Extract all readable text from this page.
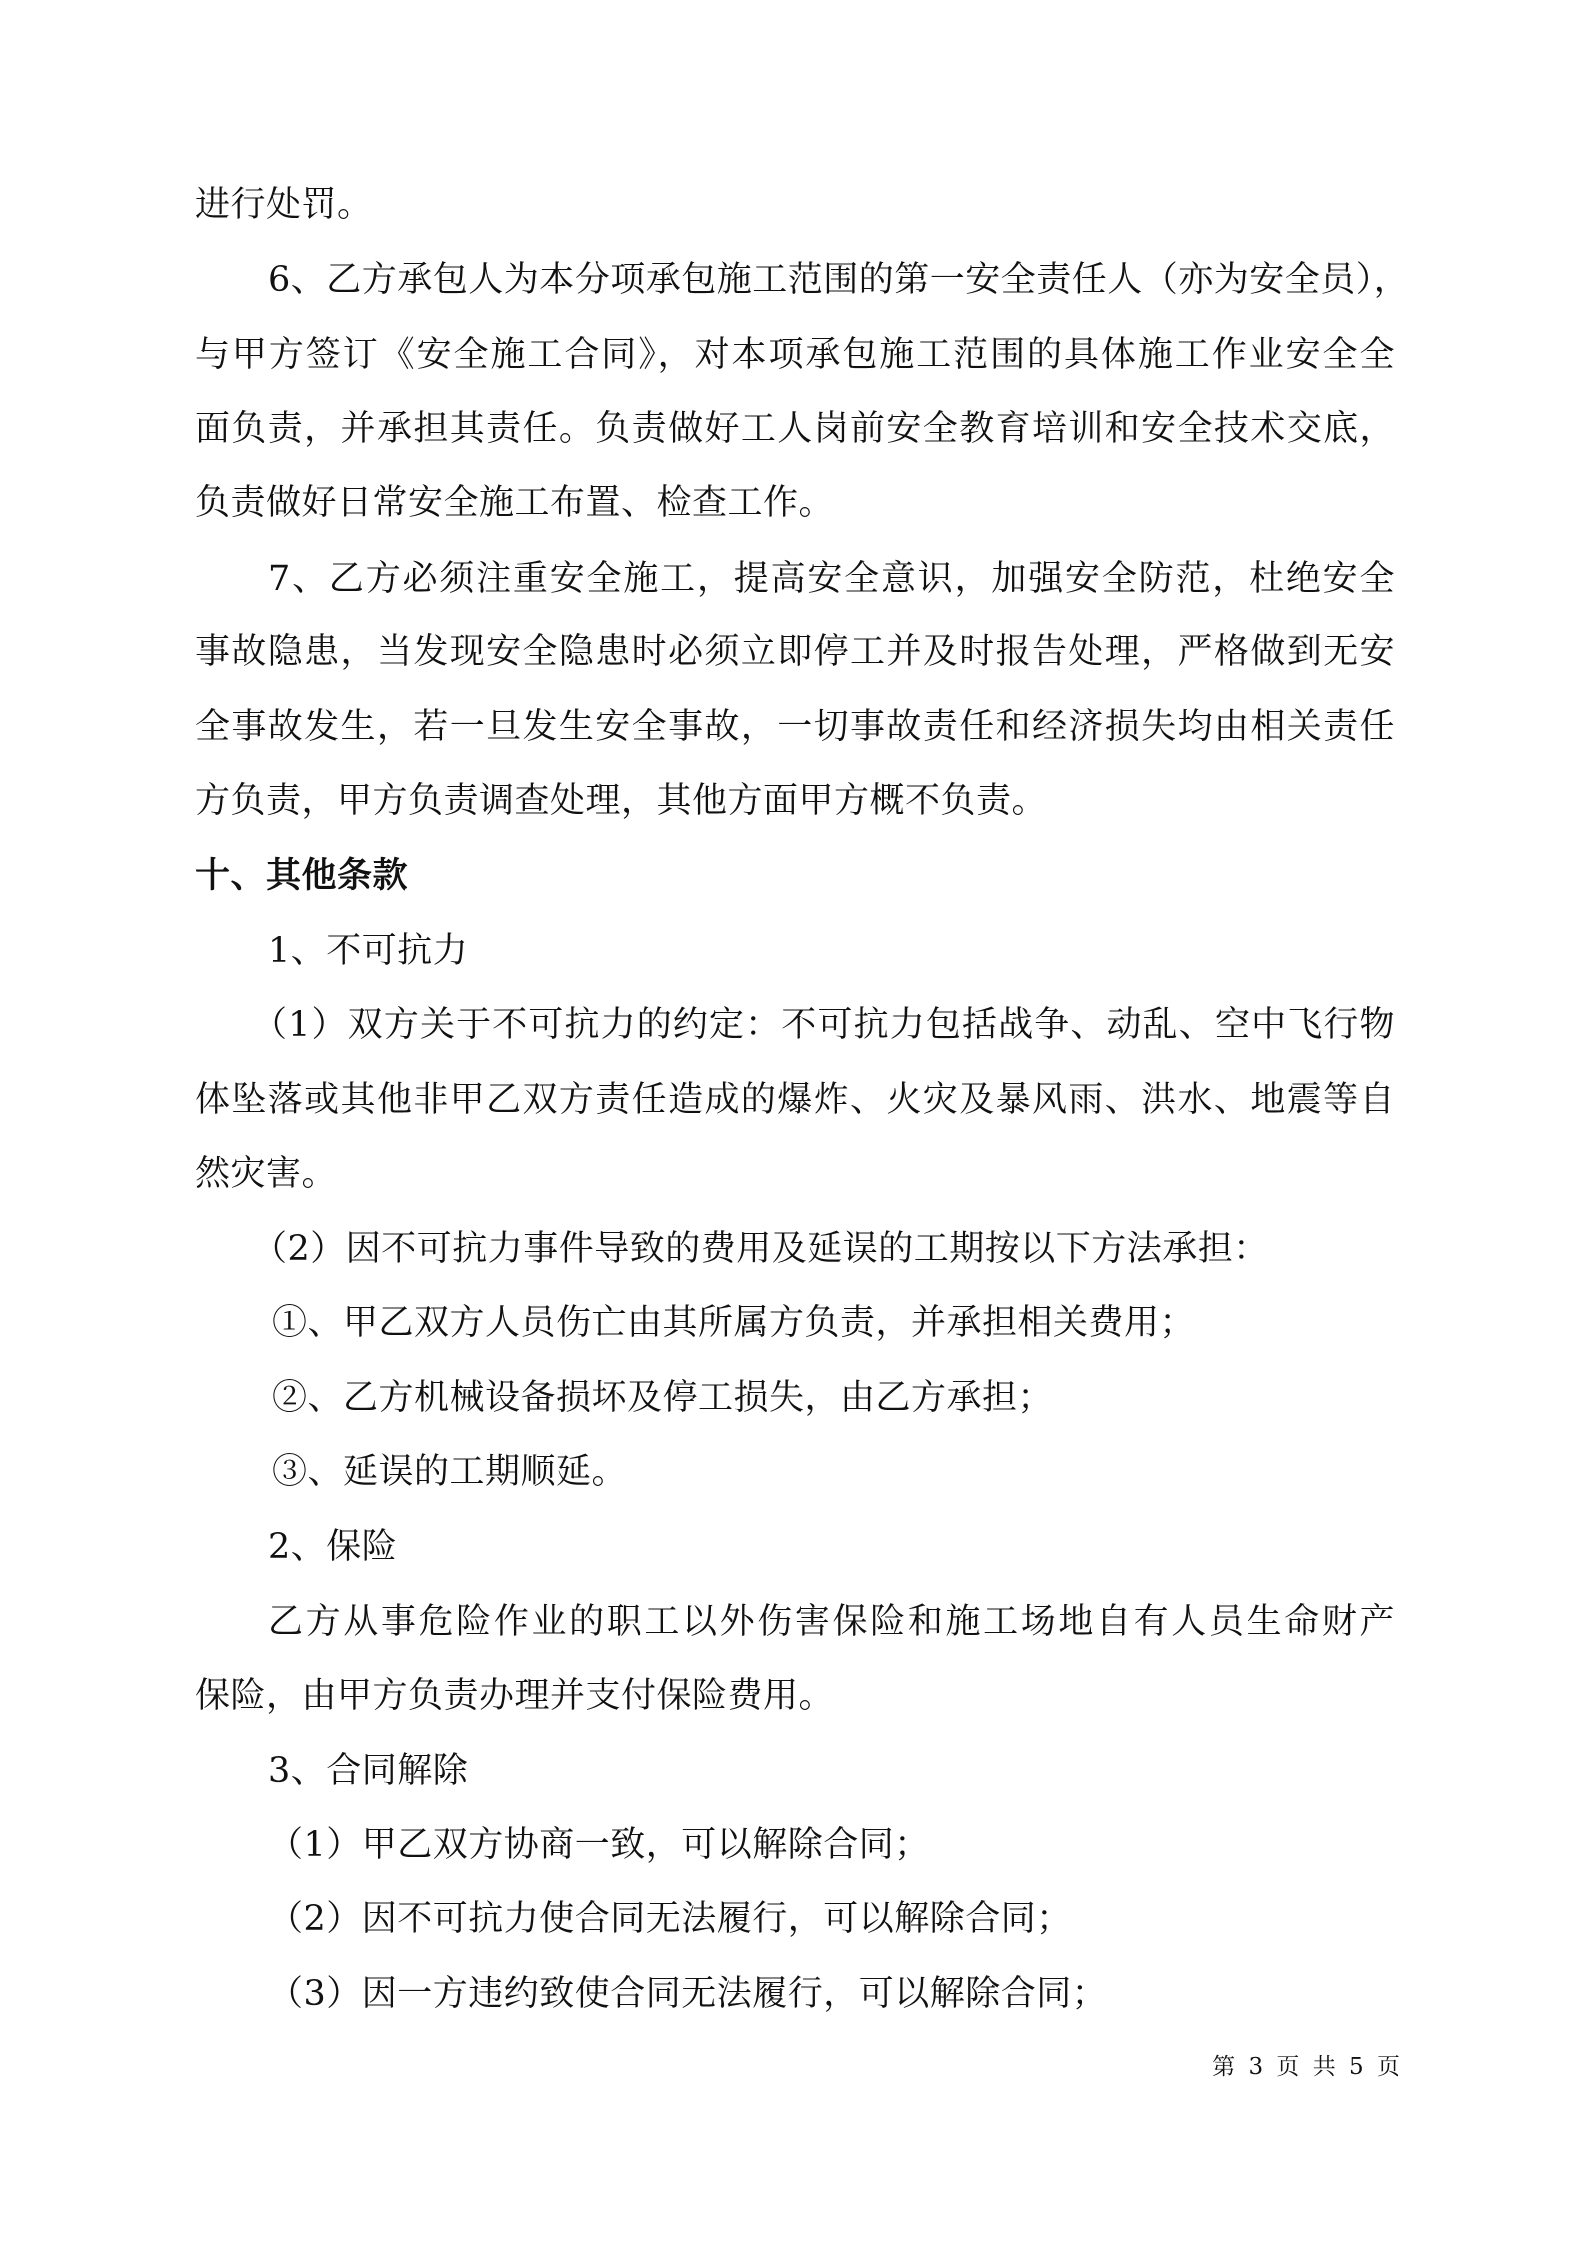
进行处罚。
6、乙方承包人为本分项承包施工范围的第一安全责任人（亦为安全员），
与甲方签订《安全施工合同》，对本项承包施工范围的具体施工作业安全全
面负责，并承担其责任。负责做好工人岗前安全教育培训和安全技术交底，
负责做好日常安全施工布置、检查工作。
7、乙方必须注重安全施工，提高安全意识，加强安全防范，杜绝安全
事故隐患，当发现安全隐患时必须立即停工并及时报告处理，严格做到无安
全事故发生，若一旦发生安全事故，一切事故责任和经济损失均由相关责任
方负责，甲方负责调查处理，其他方面甲方概不负责。
十、其他条款
1、不可抗力
（1）双方关于不可抗力的约定：不可抗力包括战争、动乱、空中飞行物
体坠落或其他非甲乙双方责任造成的爆炸、火灾及暴风雨、洪水、地震等自
然灾害。
（2）因不可抗力事件导致的费用及延误的工期按以下方法承担：
①、甲乙双方人员伤亡由其所属方负责，并承担相关费用；
②、乙方机械设备损坏及停工损失，由乙方承担；
③、延误的工期顺延。
2、保险
乙方从事危险作业的职工以外伤害保险和施工场地自有人员生命财产
保险，由甲方负责办理并支付保险费用。
3、合同解除
（1）甲乙双方协商一致，可以解除合同；
（2）因不可抗力使合同无法履行，可以解除合同；
（3）因一方违约致使合同无法履行，可以解除合同；
第 3 页 共 5 页
